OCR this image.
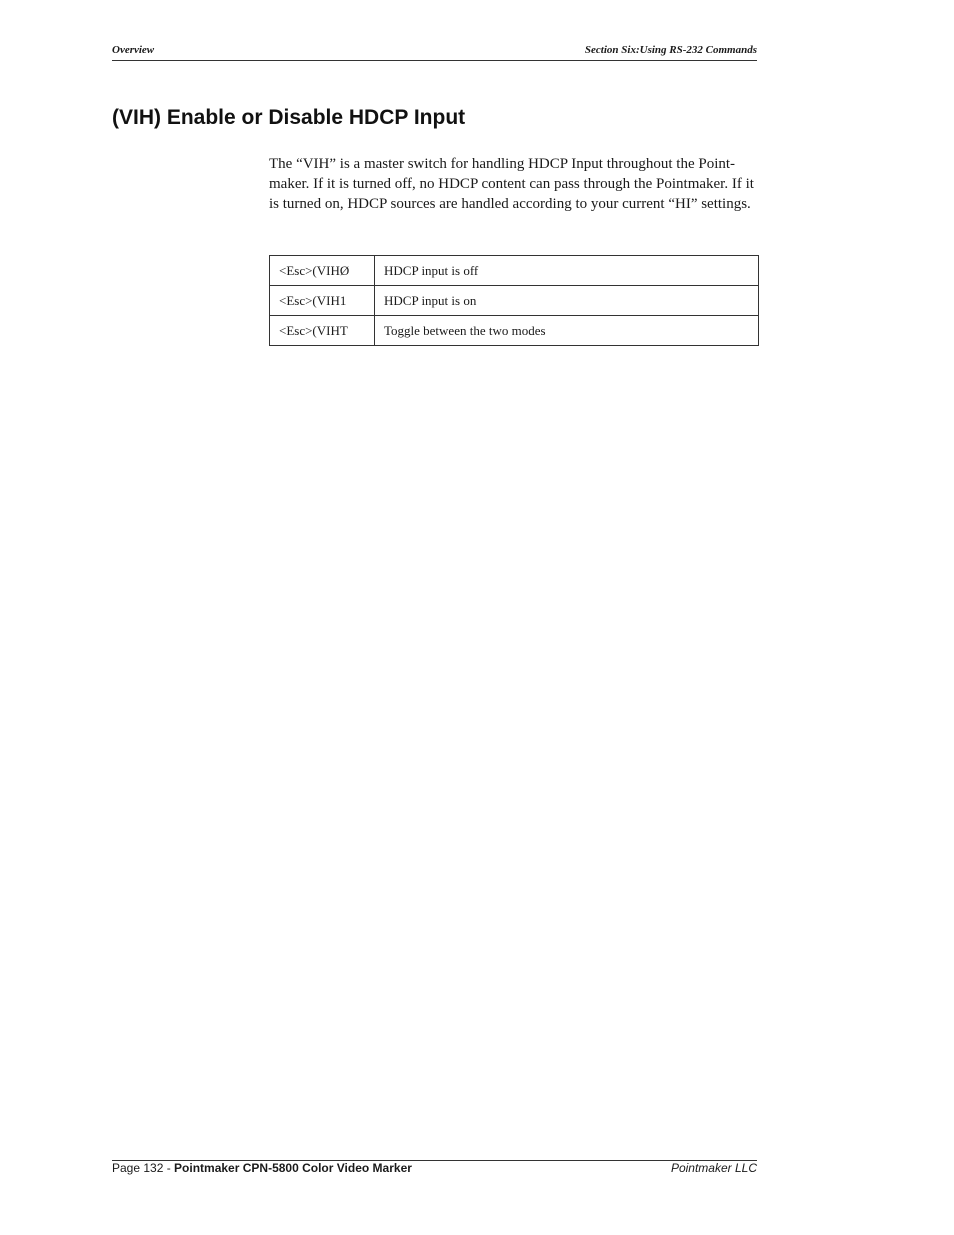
Overview	Section Six:Using RS-232 Commands
(VIH) Enable or Disable HDCP Input

The “VIH” is a master switch for handling HDCP Input throughout the Point-maker. If it is turned off, no HDCP content can pass through the Pointmaker. If it is turned on, HDCP sources are handled according to your current “HI” settings.

<Esc>(VIHØ	HDCP input is off
<Esc>(VIH1	HDCP input is on
<Esc>(VIHT	Toggle between the two modes
Page 132 - Pointmaker CPN-5800 Color Video Marker	Pointmaker LLC
